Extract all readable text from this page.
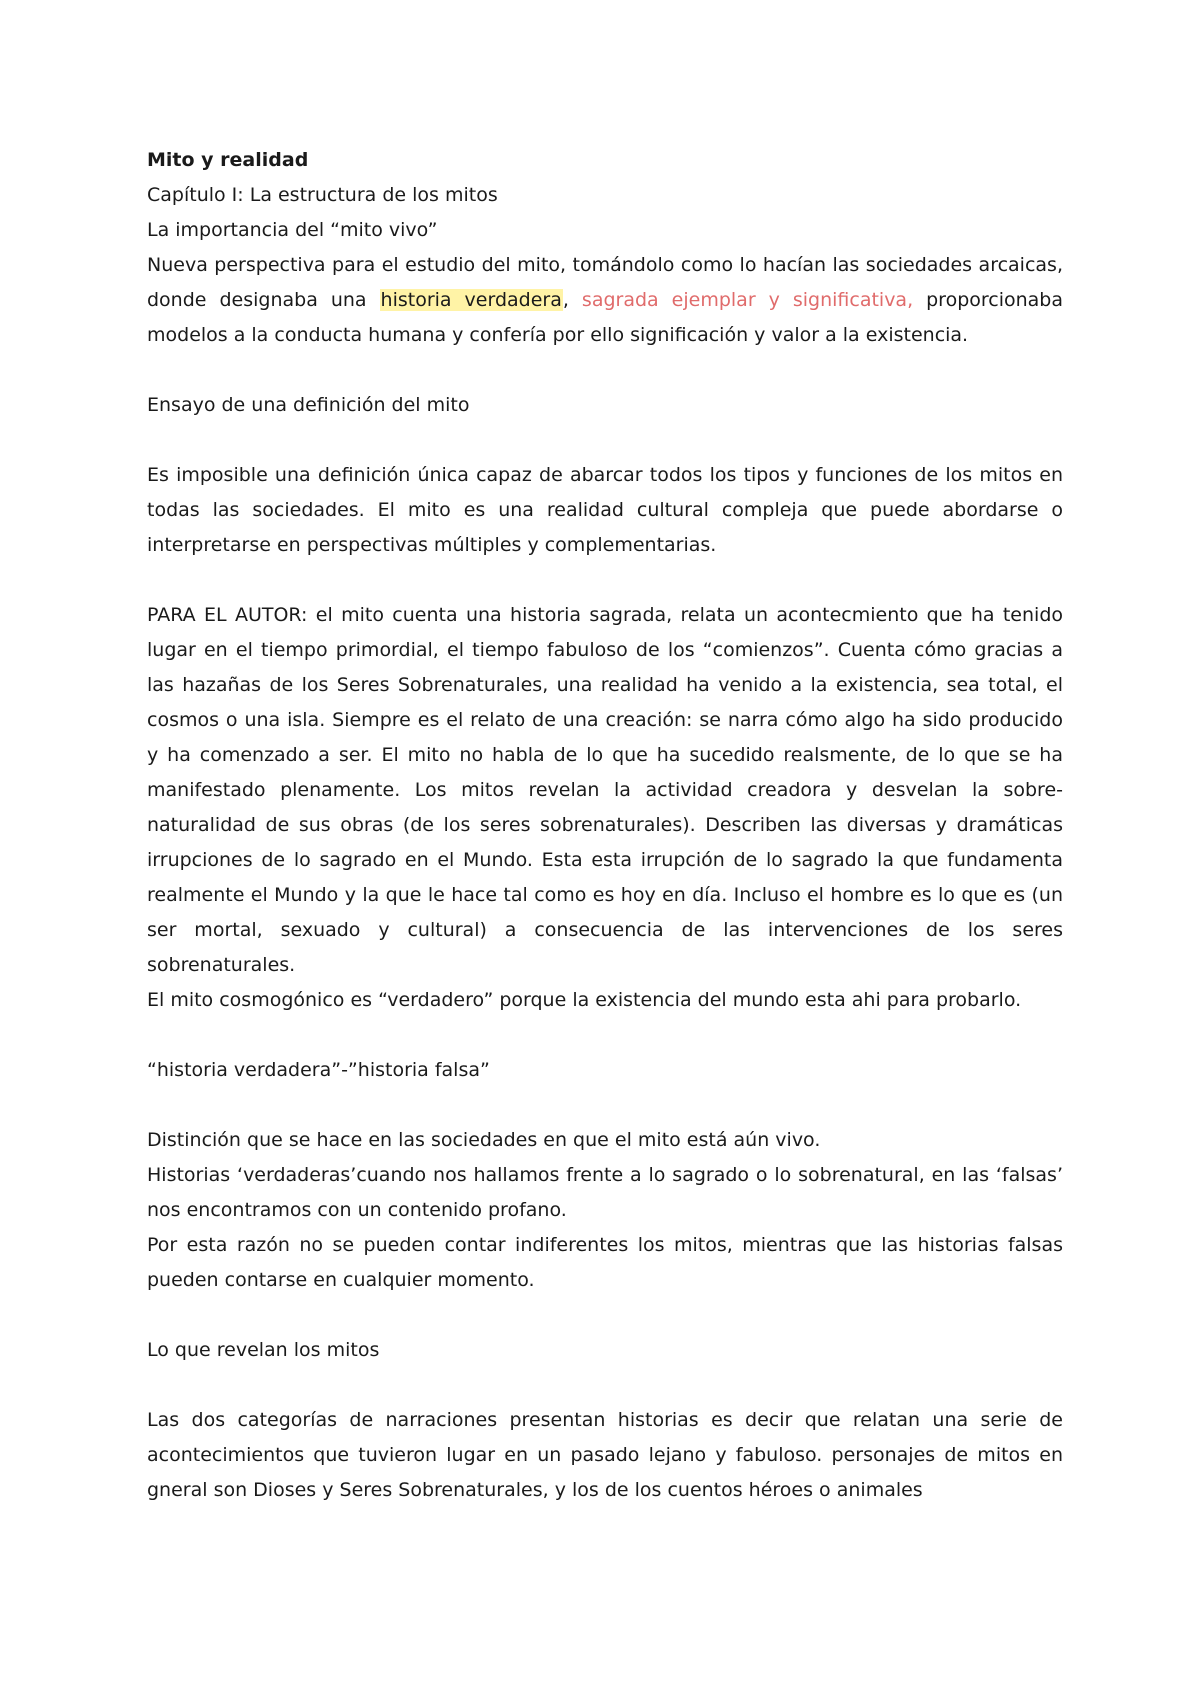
Mito y realidad

Capítulo I: La estructura de los mitos

La importancia del “mito vivo”

Nueva perspectiva para el estudio del mito, tomándolo como lo hacían las sociedades arcaicas, donde designaba una historia verdadera, sagrada ejemplar y significativa, proporcionaba modelos a la conducta humana y confería por ello significación y valor a la existencia.

Ensayo de una definición del mito

Es imposible una definición única capaz de abarcar todos los tipos y funciones de los mitos en todas las sociedades. El mito es una realidad cultural compleja que puede abordarse o interpretarse en perspectivas múltiples y complementarias.

PARA EL AUTOR: el mito cuenta una historia sagrada, relata un acontecmiento que ha tenido lugar en el tiempo primordial, el tiempo fabuloso de los “comienzos”. Cuenta cómo gracias a las hazañas de los Seres Sobrenaturales, una realidad ha venido a la existencia, sea total, el cosmos o una isla. Siempre es el relato de una creación: se narra cómo algo ha sido producido y ha comenzado a ser. El mito no habla de lo que ha sucedido realsmente, de lo que se ha manifestado plenamente. Los mitos revelan la actividad creadora y desvelan la sobre-naturalidad de sus obras (de los seres sobrenaturales). Describen las diversas y dramáticas irrupciones de lo sagrado en el Mundo. Esta esta irrupción de lo sagrado la que fundamenta realmente el Mundo y la que le hace tal como es hoy en día. Incluso el hombre es lo que es (un ser mortal, sexuado y cultural) a consecuencia de las intervenciones de los seres sobrenaturales.

El mito cosmogónico es “verdadero” porque la existencia del mundo esta ahi para probarlo.

“historia verdadera”-”historia falsa”

Distinción que se hace en las sociedades en que el mito está aún vivo.

Historias ‘verdaderas’cuando nos hallamos frente a lo sagrado o lo sobrenatural, en las ‘falsas’ nos encontramos con un contenido profano.

Por esta razón no se pueden contar indiferentes los mitos, mientras que las historias falsas pueden contarse en cualquier momento.

Lo que revelan los mitos

Las dos categorías de narraciones presentan historias es decir que relatan una serie de acontecimientos que tuvieron lugar en un pasado lejano y fabuloso. personajes de mitos en gneral son Dioses y Seres Sobrenaturales, y los de los cuentos héroes o animales
